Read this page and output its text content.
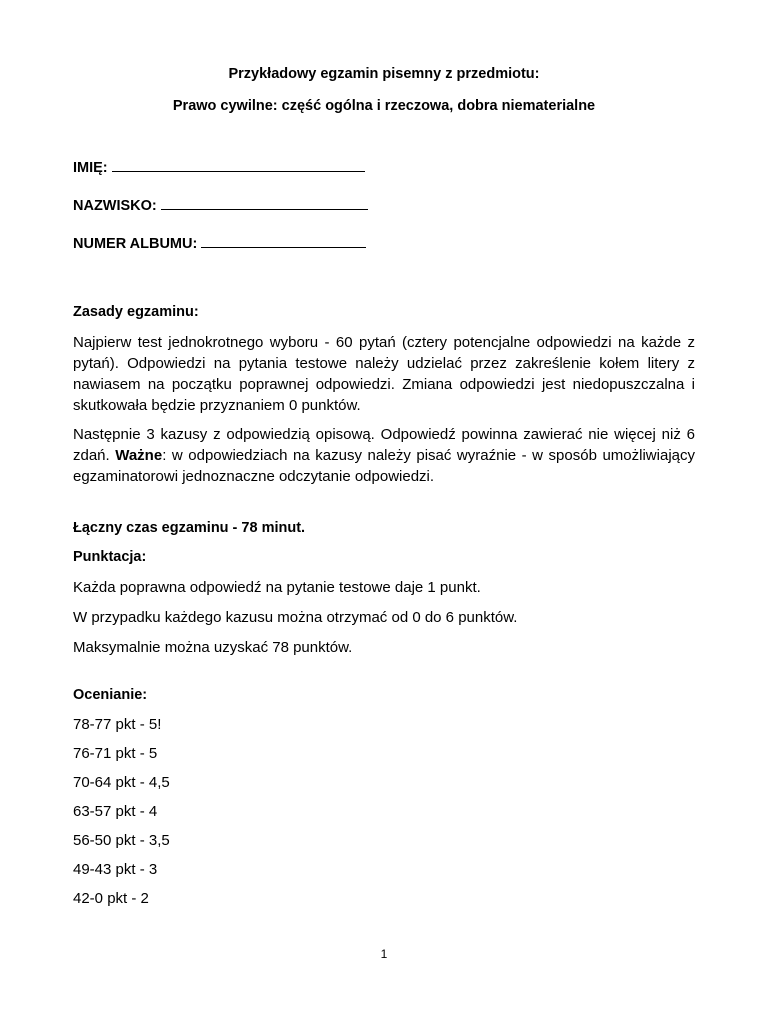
Przykładowy egzamin pisemny z przedmiotu:
Prawo cywilne: część ogólna i rzeczowa, dobra niematerialne
IMIĘ:
NAZWISKO:
NUMER ALBUMU:
Zasady egzaminu:
Najpierw test jednokrotnego wyboru - 60 pytań (cztery potencjalne odpowiedzi na każde z pytań). Odpowiedzi na pytania testowe należy udzielać przez zakreślenie kołem litery z nawiasem na początku poprawnej odpowiedzi. Zmiana odpowiedzi jest niedopuszczalna i skutkowała będzie przyznaniem 0 punktów.
Następnie 3 kazusy z odpowiedzią opisową. Odpowiedź powinna zawierać nie więcej niż 6 zdań. Ważne: w odpowiedziach na kazusy należy pisać wyraźnie - w sposób umożliwiający egzaminatorowi jednoznaczne odczytanie odpowiedzi.
Łączny czas egzaminu - 78 minut.
Punktacja:
Każda poprawna odpowiedź na pytanie testowe daje 1 punkt.
W przypadku każdego kazusu można otrzymać od 0 do 6 punktów.
Maksymalnie można uzyskać 78 punktów.
Ocenianie:
78-77 pkt - 5!
76-71 pkt - 5
70-64 pkt - 4,5
63-57 pkt - 4
56-50 pkt - 3,5
49-43 pkt - 3
42-0 pkt - 2
1
